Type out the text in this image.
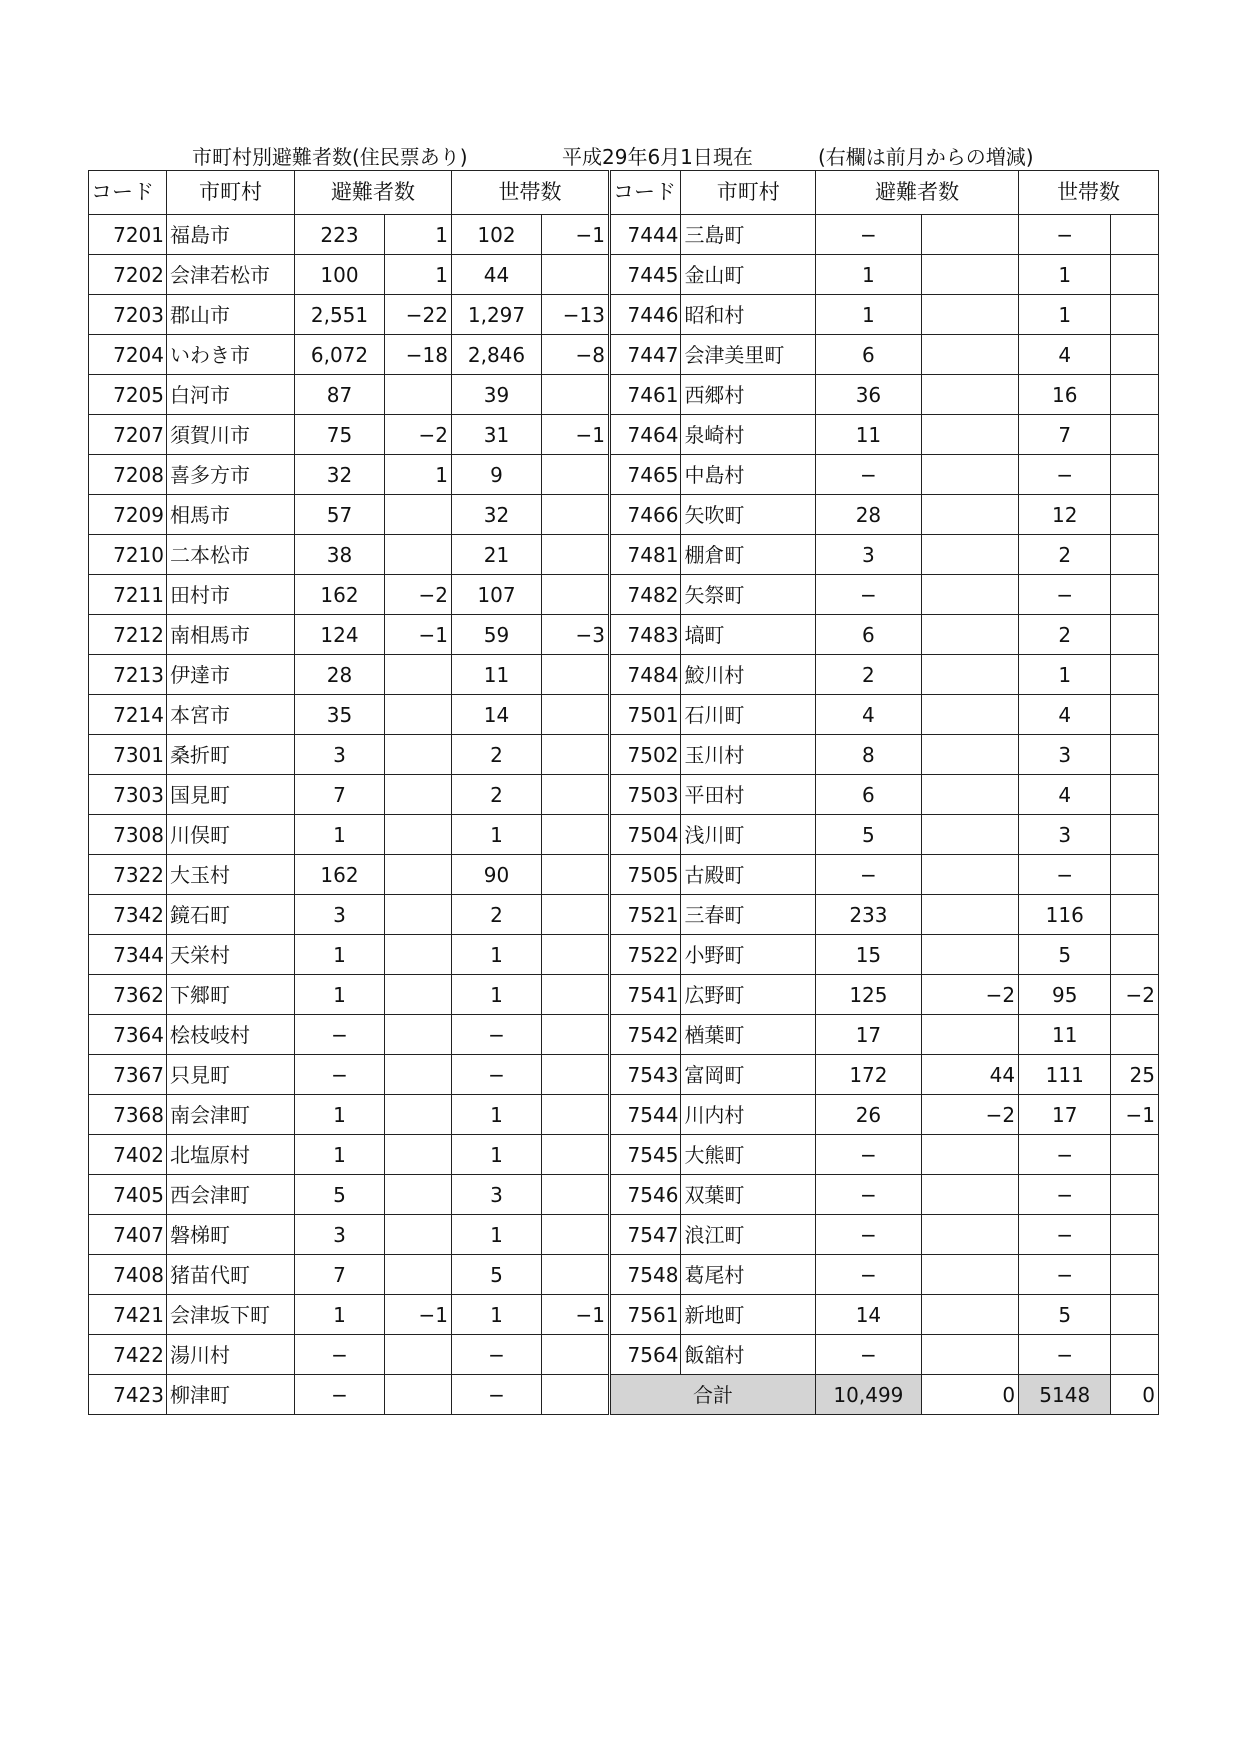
市町村別避難者数(住民票あり)	平成29年6月1日現在	(右欄は前月からの増減)
コード	市町村	避難者数		世帯数	
7201	福島市	223	1	102	−1
7202	会津若松市	100	1	44	
7203	郡山市	2,551	−22	1,297	−13
7204	いわき市	6,072	−18	2,846	−8
7205	白河市	87		39	
7207	須賀川市	75	−2	31	−1
7208	喜多方市	32	1	9	
7209	相馬市	57		32	
7210	二本松市	38		21	
7211	田村市	162	−2	107	
7212	南相馬市	124	−1	59	−3
7213	伊達市	28		11	
7214	本宮市	35		14	
7301	桑折町	3		2	
7303	国見町	7		2	
7308	川俣町	1		1	
7322	大玉村	162		90	
7342	鏡石町	3		2	
7344	天栄村	1		1	
7362	下郷町	1		1	
7364	桧枝岐村	−		−	
7367	只見町	−		−	
7368	南会津町	1		1	
7402	北塩原村	1		1	
7405	西会津町	5		3	
7407	磐梯町	3		1	
7408	猪苗代町	7		5	
7421	会津坂下町	1	−1	1	−1
7422	湯川村	−		−	
7423	柳津町	−		−	
コード	市町村	避難者数		世帯数	
7444	三島町	−		−	
7445	金山町	1		1	
7446	昭和村	1		1	
7447	会津美里町	6		4	
7461	西郷村	36		16	
7464	泉崎村	11		7	
7465	中島村	−		−	
7466	矢吹町	28		12	
7481	棚倉町	3		2	
7482	矢祭町	−		−	
7483	塙町	6		2	
7484	鮫川村	2		1	
7501	石川町	4		4	
7502	玉川村	8		3	
7503	平田村	6		4	
7504	浅川町	5		3	
7505	古殿町	−		−	
7521	三春町	233		116	
7522	小野町	15		5	
7541	広野町	125	−2	95	−2
7542	楢葉町	17		11	
7543	富岡町	172	44	111	25
7544	川内村	26	−2	17	−1
7545	大熊町	−		−	
7546	双葉町	−		−	
7547	浪江町	−		−	
7548	葛尾村	−		−	
7561	新地町	14		5	
7564	飯舘村	−		−	
合計		10,499	0	5148	0
